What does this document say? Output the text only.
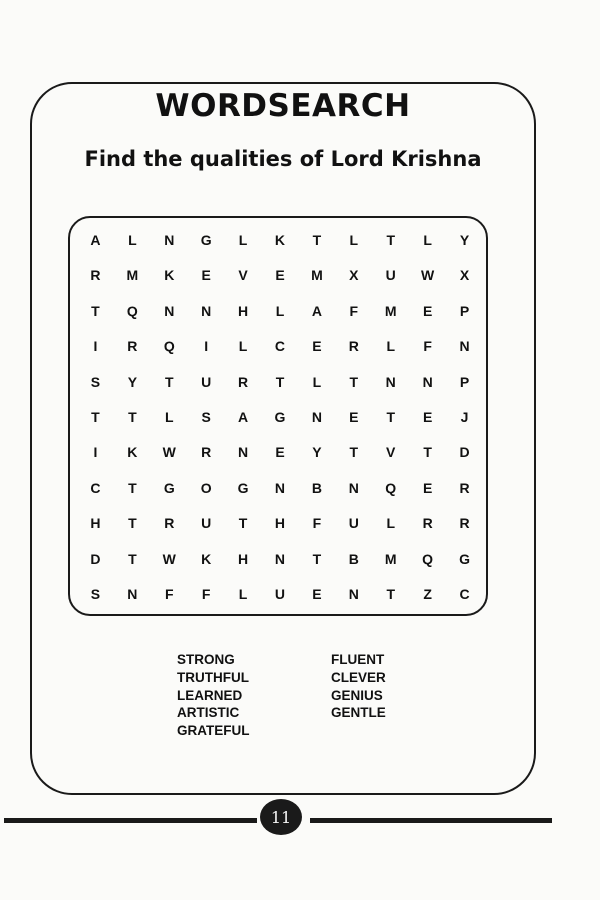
WORDSEARCH
Find the qualities of Lord Krishna
A	L	N	G	L	K	T	L	T	L	Y
R	M	K	E	V	E	M	X	U	W	X
T	Q	N	N	H	L	A	F	M	E	P
I	R	Q	I	L	C	E	R	L	F	N
S	Y	T	U	R	T	L	T	N	N	P
T	T	L	S	A	G	N	E	T	E	J
I	K	W	R	N	E	Y	T	V	T	D
C	T	G	O	G	N	B	N	Q	E	R
H	T	R	U	T	H	F	U	L	R	R
D	T	W	K	H	N	T	B	M	Q	G
S	N	F	F	L	U	E	N	T	Z	C
STRONG
TRUTHFUL
LEARNED
ARTISTIC
GRATEFUL
FLUENT
CLEVER
GENIUS
GENTLE
11
